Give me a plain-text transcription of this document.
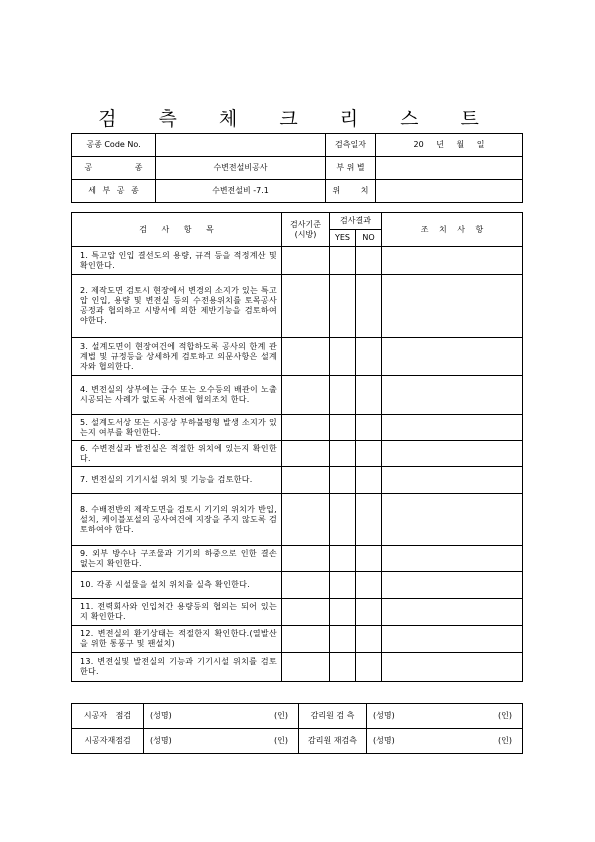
검 측 체 크 리 스 트
공종 Code No.		검측일자	20 년 월 일
공 종	수변전설비공사	부 위 별	
세 부 공 종	수변전설비 -7.1	위 치	
검 사 항 목	검사기준 (시방)	검사결과		조 치 사 항
		YES	NO	
1. 특고압 인입 결선도의 용량, 규격 등을 적정계산 및 확인한다.				
2. 제작도면 검토시 현장에서 변경의 소지가 있는 특고압 인입, 용량 및 변전실 등의 수전용위치를 토목공사 공정과 협의하고 시방서에 의한 제반기능을 검토하여야한다.				
3. 설계도면이 현장여건에 적합하도록 공사의 한계 관계법 및 규정등을 상세하게 검토하고 의문사항은 설계자와 협의한다.				
4. 변전실의 상부에는 급수 또는 오수등의 배관이 노출 시공되는 사례가 없도록 사전에 협의조치 한다.				
5. 설계도서상 또는 시공상 부하불평형 발생 소지가 있는지 여부를 확인한다.				
6. 수변전실과 발전실은 적절한 위치에 있는지 확인한다.				
7. 변전실의 기기시설 위치 및 기능을 검토한다.				
8. 수배전반의 제작도면을 검토시 기기의 위치가 반입, 설치, 케이블포설의 공사여건에 지장을 주지 않도록 검토하여야 한다.				
9. 외부 방수나 구조물과 기기의 하중으로 인한 결손 없는지 확인한다.				
10. 각종 시설물을 설치 위치를 실측 확인한다.				
11. 전력회사와 인입처간 용량등의 협의는 되어 있는지 확인한다.				
12. 변전실의 환기상태는 적절한지 확인한다.(열발산을 위한 통풍구 및 팬설치)				
13. 변전실및 발전실의 기능과 기기시설 위치를 검토한다.				
시공자 점검	(성명) (인)	감리원 검 측	(성명) (인)

시공자재점검	(성명) (인)	감리원 재검측	(성명) (인)
